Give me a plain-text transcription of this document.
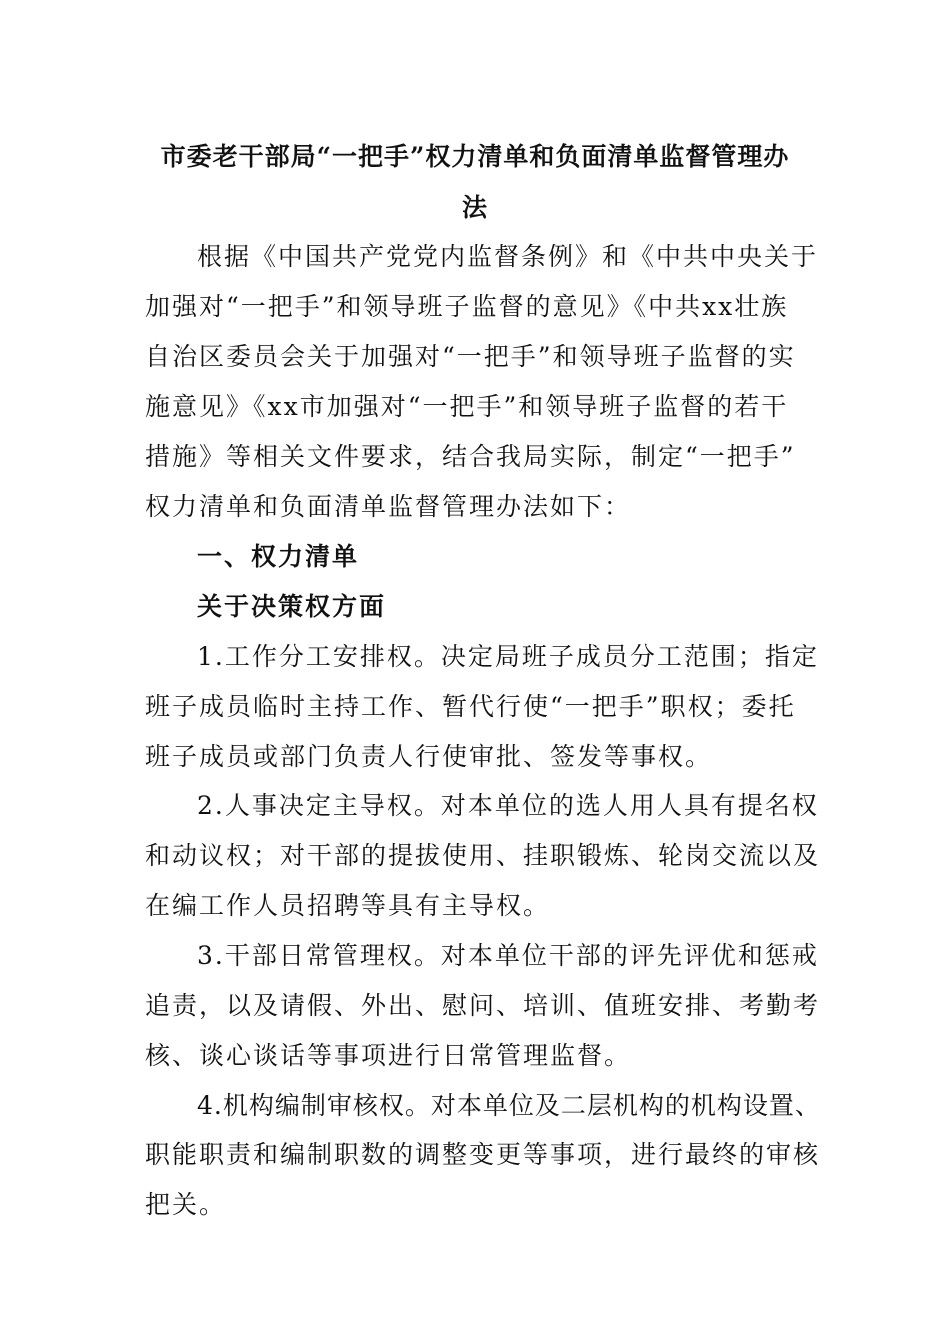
市委老干部局“一把手”权力清单和负面清单监督管理办
法
根据《中国共产党党内监督条例》和《中共中央关于
加强对“一把手”和领导班子监督的意见》《中共xx壮族
自治区委员会关于加强对“一把手”和领导班子监督的实
施意见》《xx市加强对“一把手”和领导班子监督的若干
措施》等相关文件要求，结合我局实际，制定“一把手”
权力清单和负面清单监督管理办法如下：
一、权力清单
关于决策权方面
1.工作分工安排权。决定局班子成员分工范围；指定
班子成员临时主持工作、暂代行使“一把手”职权；委托
班子成员或部门负责人行使审批、签发等事权。
2.人事决定主导权。对本单位的选人用人具有提名权
和动议权；对干部的提拔使用、挂职锻炼、轮岗交流以及
在编工作人员招聘等具有主导权。
3.干部日常管理权。对本单位干部的评先评优和惩戒
追责，以及请假、外出、慰问、培训、值班安排、考勤考
核、谈心谈话等事项进行日常管理监督。
4.机构编制审核权。对本单位及二层机构的机构设置、
职能职责和编制职数的调整变更等事项，进行最终的审核
把关。
